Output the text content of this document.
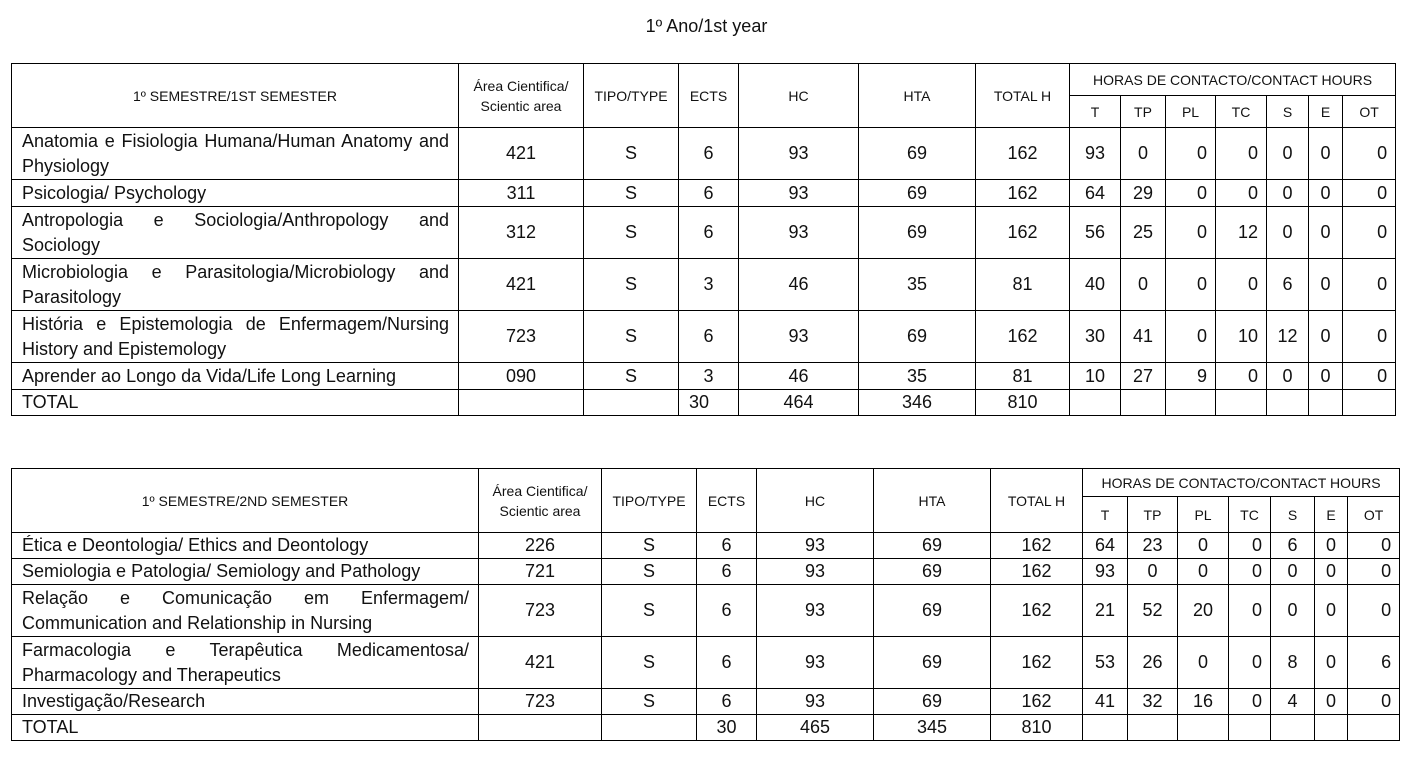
1º Ano/1st year
1º SEMESTRE/1ST SEMESTER	Área Cientifica/ Scientic area	TIPO/TYPE	ECTS	HC	HTA	TOTAL H	HORAS DE CONTACTO/CONTACT HOURS						
							T	TP	PL	TC	S	E	OT
Anatomia e Fisiologia Humana/Human Anatomy and Physiology	421	S	6	93	69	162	93	0	0	0	0	0	0
Psicologia/ Psychology	311	S	6	93	69	162	64	29	0	0	0	0	0
Antropologia e Sociologia/Anthropology and Sociology	312	S	6	93	69	162	56	25	0	12	0	0	0
Microbiologia e Parasitologia/Microbiology and Parasitology	421	S	3	46	35	81	40	0	0	0	6	0	0
História e Epistemologia de Enfermagem/Nursing History and Epistemology	723	S	6	93	69	162	30	41	0	10	12	0	0
Aprender ao Longo da Vida/Life Long Learning	090	S	3	46	35	81	10	27	9	0	0	0	0
TOTAL			30	464	346	810							
1º SEMESTRE/2ND SEMESTER	Área Cientifica/ Scientic area	TIPO/TYPE	ECTS	HC	HTA	TOTAL H	HORAS DE CONTACTO/CONTACT HOURS						
							T	TP	PL	TC	S	E	OT
Ética e Deontologia/ Ethics and Deontology	226	S	6	93	69	162	64	23	0	0	6	0	0
Semiologia e Patologia/ Semiology and Pathology	721	S	6	93	69	162	93	0	0	0	0	0	0
Relação e Comunicação em Enfermagem/ Communication and Relationship in Nursing	723	S	6	93	69	162	21	52	20	0	0	0	0
Farmacologia e Terapêutica Medicamentosa/ Pharmacology and Therapeutics	421	S	6	93	69	162	53	26	0	0	8	0	6
Investigação/Research	723	S	6	93	69	162	41	32	16	0	4	0	0
TOTAL			30	465	345	810							
